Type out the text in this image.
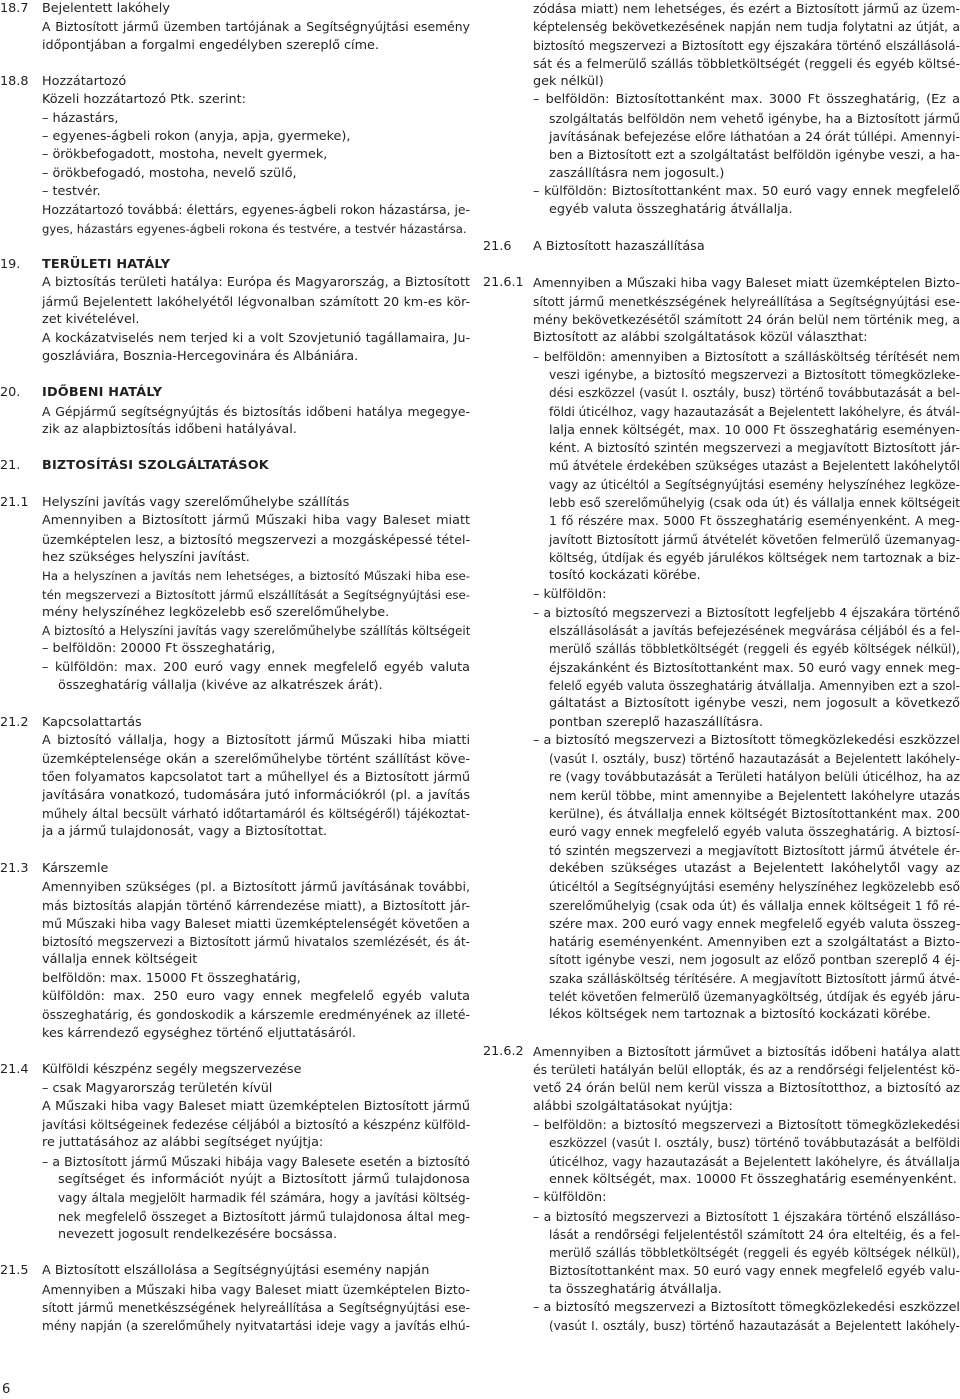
18.7	Bejelentett lakóhely
A Biztosított jármű üzemben tartójának a Segítségnyújtási esemény
időpontjában a forgalmi engedélyben szereplő címe.
18.8	Hozzátartozó
Közeli hozzátartozó Ptk. szerint:
– házastárs,
– egyenes-ágbeli rokon (anyja, apja, gyermeke),
– örökbefogadott, mostoha, nevelt gyermek,
– örökbefogadó, mostoha, nevelő szülő,
– testvér.
Hozzátartozó továbbá: élettárs, egyenes-ágbeli rokon házastársa, je-
gyes, házastárs egyenes-ágbeli rokona és testvére, a testvér házastársa.
19.	TERÜLETI HATÁLY
A biztosítás területi hatálya: Európa és Magyarország, a Biztosított
jármű Bejelentett lakóhelyétől légvonalban számított 20 km-es kör-
zet kivételével.
A kockázatviselés nem terjed ki a volt Szovjetunió tagállamaira, Ju-
goszláviára, Bosznia-Hercegovinára és Albániára.
20.	IDŐBENI HATÁLY
A Gépjármű segítségnyújtás és biztosítás időbeni hatálya megegye-
zik az alapbiztosítás időbeni hatályával.
21.	BIZTOSÍTÁSI SZOLGÁLTATÁSOK
21.1	Helyszíni javítás vagy szerelőműhelybe szállítás
Amennyiben a Biztosított jármű Műszaki hiba vagy Baleset miatt
üzemképtelen lesz, a biztosító megszervezi a mozgásképessé tétel-
hez szükséges helyszíni javítást.
Ha a helyszínen a javítás nem lehetséges, a biztosító Műszaki hiba ese-
tén megszervezi a Biztosított jármű elszállítását a Segítségnyújtási ese-
mény helyszínéhez legközelebb eső szerelőműhelybe.
A biztosító a Helyszíni javítás vagy szerelőműhelybe szállítás költségeit
– belföldön: 20000 Ft összeghatárig,
– külföldön: max. 200 euró vagy ennek megfelelő egyéb valuta
összeghatárig vállalja (kivéve az alkatrészek árát).
21.2	Kapcsolattartás
A biztosító vállalja, hogy a Biztosított jármű Műszaki hiba miatti
üzemképtelensége okán a szerelőműhelybe történt szállítást köve-
tően folyamatos kapcsolatot tart a műhellyel és a Biztosított jármű
javítására vonatkozó, tudomására jutó információkról (pl. a javítás
műhely által becsült várható időtartamáról és költségéről) tájékoztat-
ja a jármű tulajdonosát, vagy a Biztosítottat.
21.3	Kárszemle
Amennyiben szükséges (pl. a Biztosított jármű javításának további,
más biztosítás alapján történő kárrendezése miatt), a Biztosított jár-
mű Műszaki hiba vagy Baleset miatti üzemképtelenségét követően a
biztosító megszervezi a Biztosított jármű hivatalos szemlézését, és át-
vállalja ennek költségeit
belföldön: max. 15000 Ft összeghatárig,
külföldön: max. 250 euro vagy ennek megfelelő egyéb valuta
összeghatárig, és gondoskodik a kárszemle eredményének az illeté-
kes kárrendező egységhez történő eljuttatásáról.
21.4	Külföldi készpénz segély megszervezése
– csak Magyarország területén kívül
A Műszaki hiba vagy Baleset miatt üzemképtelen Biztosított jármű
javítási költségeinek fedezése céljából a biztosító a készpénz külföld-
re juttatásához az alábbi segítséget nyújtja:
– a Biztosított jármű Műszaki hibája vagy Balesete esetén a biztosító
segítséget és információt nyújt a Biztosított jármű tulajdonosa
vagy általa megjelölt harmadik fél számára, hogy a javítási költség-
nek megfelelő összeget a Biztosított jármű tulajdonosa által meg-
nevezett jogosult rendelkezésére bocsássa.
21.5	A Biztosított elszállolása a Segítségnyújtási esemény napján
Amennyiben a Műszaki hiba vagy Baleset miatt üzemképtelen Bizto-
sított jármű menetkészségének helyreállítása a Segítségnyújtási ese-
mény napján (a szerelőműhely nyitvatartási ideje vagy a javítás elhú-
zódása miatt) nem lehetséges, és ezért a Biztosított jármű az üzem-
képtelenség bekövetkezésének napján nem tudja folytatni az útját, a
biztosító megszervezi a Biztosított egy éjszakára történő elszállásolá-
sát és a felmerülő szállás többletköltségét (reggeli és egyéb költsé-
gek nélkül)
– belföldön: Biztosítottanként max. 3000 Ft összeghatárig, (Ez a
szolgáltatás belföldön nem vehető igénybe, ha a Biztosított jármű
javításának befejezése előre láthatóan a 24 órát túllépi. Amennyi-
ben a Biztosított ezt a szolgáltatást belföldön igénybe veszi, a ha-
zaszállításra nem jogosult.)
– külföldön: Biztosítottanként max. 50 euró vagy ennek megfelelő
egyéb valuta összeghatárig átvállalja.
21.6	A Biztosított hazaszállítása
21.6.1 Amennyiben a Műszaki hiba vagy Baleset miatt üzemképtelen Bizto-
sított jármű menetkészségének helyreállítása a Segítségnyújtási ese-
mény bekövetkezésétől számított 24 órán belül nem történik meg, a
Biztosított az alábbi szolgáltatások közül választhat:
– belföldön: amennyiben a Biztosított a szállásköltség térítését nem
veszi igénybe, a biztosító megszervezi a Biztosított tömegközleke-
dési eszközzel (vasút I. osztály, busz) történő továbbutazását a bel-
földi úticélhoz, vagy hazautazását a Bejelentett lakóhelyre, és átvál-
lalja ennek költségét, max. 10 000 Ft összeghatárig eseményen-
ként. A biztosító szintén megszervezi a megjavított Biztosított jár-
mű átvétele érdekében szükséges utazást a Bejelentett lakóhelytől
vagy az úticéltól a Segítségnyújtási esemény helyszínéhez legköze-
lebb eső szerelőműhelyig (csak oda út) és vállalja ennek költségeit
1 fő részére max. 5000 Ft összeghatárig eseményenként. A meg-
javított Biztosított jármű átvételét követően felmerülő üzemanyag-
költség, útdíjak és egyéb járulékos költségek nem tartoznak a biz-
tosító kockázati körébe.
– külföldön:
– a biztosító megszervezi a Biztosított legfeljebb 4 éjszakára történő
elszállásolását a javítás befejezésének megvárása céljából és a fel-
merülő szállás többletköltségét (reggeli és egyéb költségek nélkül),
éjszakánként és Biztosítottanként max. 50 euró vagy ennek meg-
felelő egyéb valuta összeghatárig átvállalja. Amennyiben ezt a szol-
gáltatást a Biztosított igénybe veszi, nem jogosult a következő
pontban szereplő hazaszállításra.
– a biztosító megszervezi a Biztosított tömegközlekedési eszközzel
(vasút I. osztály, busz) történő hazautazását a Bejelentett lakóhely-
re (vagy továbbutazását a Területi hatályon belüli úticélhoz, ha az
nem kerül többe, mint amennyibe a Bejelentett lakóhelyre utazás
kerülne), és átvállalja ennek költségét Biztosítottanként max. 200
euró vagy ennek megfelelő egyéb valuta összeghatárig. A biztosí-
tó szintén megszervezi a megjavított Biztosított jármű átvétele ér-
dekében szükséges utazást a Bejelentett lakóhelytől vagy az
úticéltól a Segítségnyújtási esemény helyszínéhez legközelebb eső
szerelőműhelyig (csak oda út) és vállalja ennek költségeit 1 fő ré-
szére max. 200 euró vagy ennek megfelelő egyéb valuta összeg-
határig eseményenként. Amennyiben ezt a szolgáltatást a Bizto-
sított igénybe veszi, nem jogosult az előző pontban szereplő 4 éj-
szaka szállásköltség térítésére. A megjavított Biztosított jármű átvé-
telét követően felmerülő üzemanyagköltség, útdíjak és egyéb járu-
lékos költségek nem tartoznak a biztosító kockázati körébe.
21.6.2 Amennyiben a Biztosított járművet a biztosítás időbeni hatálya alatt
és területi hatályán belül ellopták, és az a rendőrségi feljelentést kö-
vető 24 órán belül nem kerül vissza a Biztosítotthoz, a biztosító az
alábbi szolgáltatásokat nyújtja:
– belföldön: a biztosító megszervezi a Biztosított tömegközlekedési
eszközzel (vasút I. osztály, busz) történő továbbutazását a belföldi
úticélhoz, vagy hazautazását a Bejelentett lakóhelyre, és átvállalja
ennek költségét, max. 10000 Ft összeghatárig eseményenként.
– külföldön:
– a biztosító megszervezi a Biztosított 1 éjszakára történő elszálláso-
lását a rendőrségi feljelentéstől számított 24 óra elteltéig, és a fel-
merülő szállás többletköltségét (reggeli és egyéb költségek nélkül),
Biztosítottanként max. 50 euró vagy ennek megfelelő egyéb valu-
ta összeghatárig átvállalja.
– a biztosító megszervezi a Biztosított tömegközlekedési eszközzel
(vasút I. osztály, busz) történő hazautazását a Bejelentett lakóhely-
6
